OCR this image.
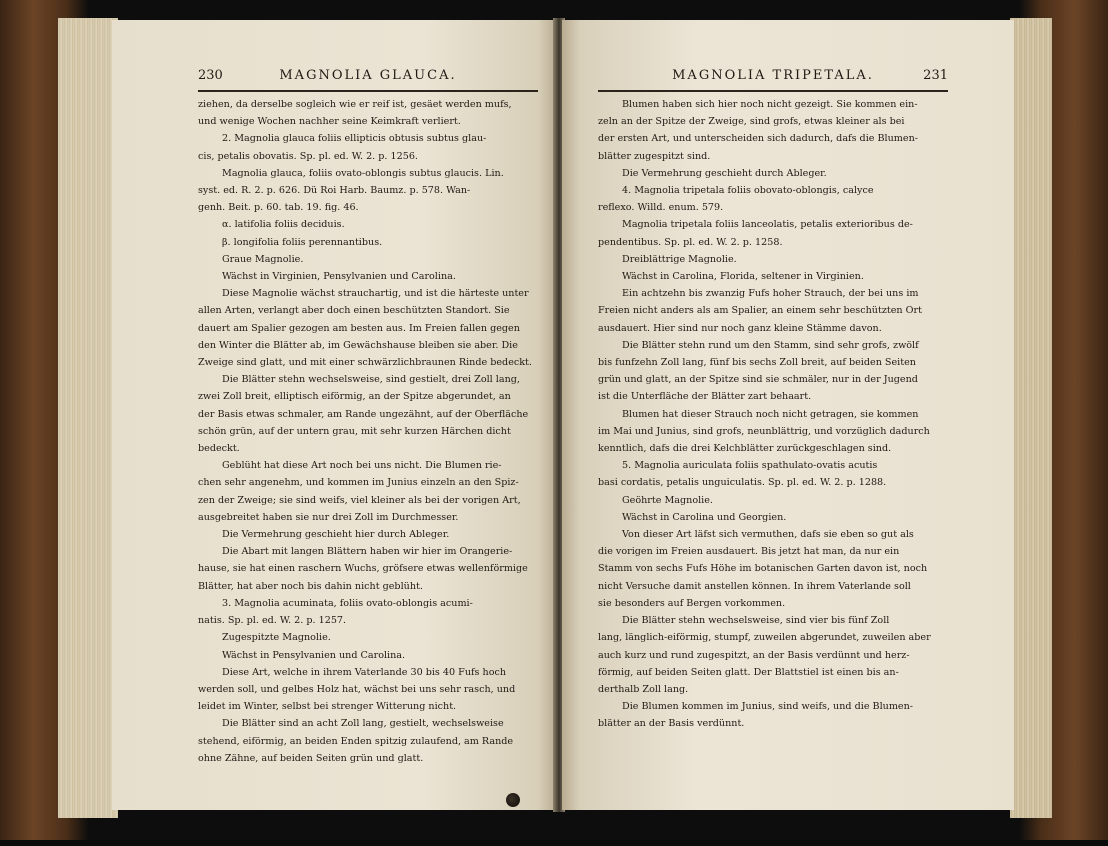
230	MAGNOLIA GLAUCA.

ziehen, da derselbe sogleich wie er reif ist, gesäet werden mufs,

und wenige Wochen nachher seine Keimkraft verliert.

2. Magnolia glauca foliis ellipticis obtusis subtus glau-

cis, petalis obovatis. Sp. pl. ed. W. 2. p. 1256.

Magnolia glauca, foliis ovato-oblongis subtus glaucis. Lin.

syst. ed. R. 2. p. 626. Dü Roi Harb. Baumz. p. 578. Wan-

genh. Beit. p. 60. tab. 19. fig. 46.

α. latifolia foliis deciduis.

β. longifolia foliis perennantibus.

Graue Magnolie.

Wächst in Virginien, Pensylvanien und Carolina.

Diese Magnolie wächst strauchartig, und ist die härteste unter

allen Arten, verlangt aber doch einen beschützten Standort. Sie

dauert am Spalier gezogen am besten aus. Im Freien fallen gegen

den Winter die Blätter ab, im Gewächshause bleiben sie aber. Die

Zweige sind glatt, und mit einer schwärzlichbraunen Rinde bedeckt.

Die Blätter stehn wechselsweise, sind gestielt, drei Zoll lang,

zwei Zoll breit, elliptisch eiförmig, an der Spitze abgerundet, an

der Basis etwas schmaler, am Rande ungezähnt, auf der Oberfläche

schön grün, auf der untern grau, mit sehr kurzen Härchen dicht

bedeckt.

Geblüht hat diese Art noch bei uns nicht. Die Blumen rie-

chen sehr angenehm, und kommen im Junius einzeln an den Spiz-

zen der Zweige; sie sind weifs, viel kleiner als bei der vorigen Art,

ausgebreitet haben sie nur drei Zoll im Durchmesser.

Die Vermehrung geschieht hier durch Ableger.

Die Abart mit langen Blättern haben wir hier im Orangerie-

hause, sie hat einen raschern Wuchs, gröfsere etwas wellenförmige

Blätter, hat aber noch bis dahin nicht geblüht.

3. Magnolia acuminata, foliis ovato-oblongis acumi-

natis. Sp. pl. ed. W. 2. p. 1257.

Zugespitzte Magnolie.

Wächst in Pensylvanien und Carolina.

Diese Art, welche in ihrem Vaterlande 30 bis 40 Fufs hoch

werden soll, und gelbes Holz hat, wächst bei uns sehr rasch, und

leidet im Winter, selbst bei strenger Witterung nicht.

Die Blätter sind an acht Zoll lang, gestielt, wechselsweise

stehend, eiförmig, an beiden Enden spitzig zulaufend, am Rande

ohne Zähne, auf beiden Seiten grün und glatt.

MAGNOLIA TRIPETALA.	231

Blumen haben sich hier noch nicht gezeigt. Sie kommen ein-

zeln an der Spitze der Zweige, sind grofs, etwas kleiner als bei

der ersten Art, und unterscheiden sich dadurch, dafs die Blumen-

blätter zugespitzt sind.

Die Vermehrung geschieht durch Ableger.

4. Magnolia tripetala foliis obovato-oblongis, calyce

reflexo. Willd. enum. 579.

Magnolia tripetala foliis lanceolatis, petalis exterioribus de-

pendentibus. Sp. pl. ed. W. 2. p. 1258.

Dreiblättrige Magnolie.

Wächst in Carolina, Florida, seltener in Virginien.

Ein achtzehn bis zwanzig Fufs hoher Strauch, der bei uns im

Freien nicht anders als am Spalier, an einem sehr beschützten Ort

ausdauert. Hier sind nur noch ganz kleine Stämme davon.

Die Blätter stehn rund um den Stamm, sind sehr grofs, zwölf

bis funfzehn Zoll lang, fünf bis sechs Zoll breit, auf beiden Seiten

grün und glatt, an der Spitze sind sie schmäler, nur in der Jugend

ist die Unterfläche der Blätter zart behaart.

Blumen hat dieser Strauch noch nicht getragen, sie kommen

im Mai und Junius, sind grofs, neunblättrig, und vorzüglich dadurch

kenntlich, dafs die drei Kelchblätter zurückgeschlagen sind.

5. Magnolia auriculata foliis spathulato-ovatis acutis

basi cordatis, petalis unguiculatis. Sp. pl. ed. W. 2. p. 1288.

Geöhrte Magnolie.

Wächst in Carolina und Georgien.

Von dieser Art läfst sich vermuthen, dafs sie eben so gut als

die vorigen im Freien ausdauert. Bis jetzt hat man, da nur ein

Stamm von sechs Fufs Höhe im botanischen Garten davon ist, noch

nicht Versuche damit anstellen können. In ihrem Vaterlande soll

sie besonders auf Bergen vorkommen.

Die Blätter stehn wechselsweise, sind vier bis fünf Zoll

lang, länglich-eiförmig, stumpf, zuweilen abgerundet, zuweilen aber

auch kurz und rund zugespitzt, an der Basis verdünnt und herz-

förmig, auf beiden Seiten glatt. Der Blattstiel ist einen bis an-

derthalb Zoll lang.

Die Blumen kommen im Junius, sind weifs, und die Blumen-

blätter an der Basis verdünnt.
